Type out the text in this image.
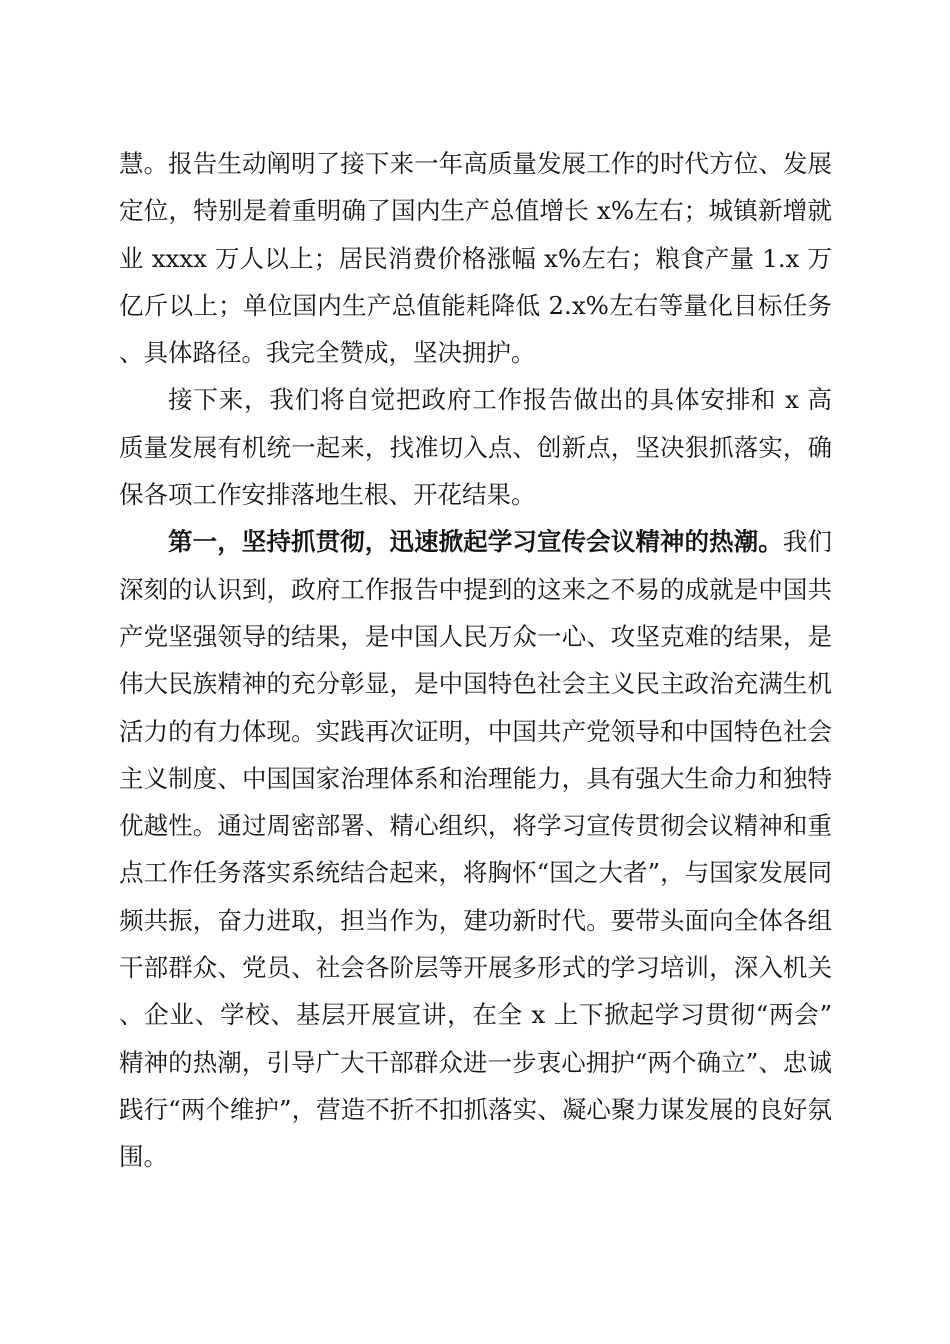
慧。报告生动阐明了接下来一年高质量发展工作的时代方位、发展定位，特别是着重明确了国内生产总值增长 x%左右；城镇新增就业 xxxx 万人以上；居民消费价格涨幅 x%左右；粮食产量 1.x 万亿斤以上；单位国内生产总值能耗降低 2.x%左右等量化目标任务、具体路径。我完全赞成，坚决拥护。

接下来，我们将自觉把政府工作报告做出的具体安排和 x 高质量发展有机统一起来，找准切入点、创新点，坚决狠抓落实，确保各项工作安排落地生根、开花结果。

第一，坚持抓贯彻，迅速掀起学习宣传会议精神的热潮。我们深刻的认识到，政府工作报告中提到的这来之不易的成就是中国共产党坚强领导的结果，是中国人民万众一心、攻坚克难的结果，是伟大民族精神的充分彰显，是中国特色社会主义民主政治充满生机活力的有力体现。实践再次证明，中国共产党领导和中国特色社会主义制度、中国国家治理体系和治理能力，具有强大生命力和独特优越性。通过周密部署、精心组织，将学习宣传贯彻会议精神和重点工作任务落实系统结合起来，将胸怀“国之大者”，与国家发展同频共振，奋力进取，担当作为，建功新时代。要带头面向全体各组干部群众、党员、社会各阶层等开展多形式的学习培训，深入机关、企业、学校、基层开展宣讲，在全 x 上下掀起学习贯彻“两会”精神的热潮，引导广大干部群众进一步衷心拥护“两个确立”、忠诚践行“两个维护”，营造不折不扣抓落实、凝心聚力谋发展的良好氛围。
